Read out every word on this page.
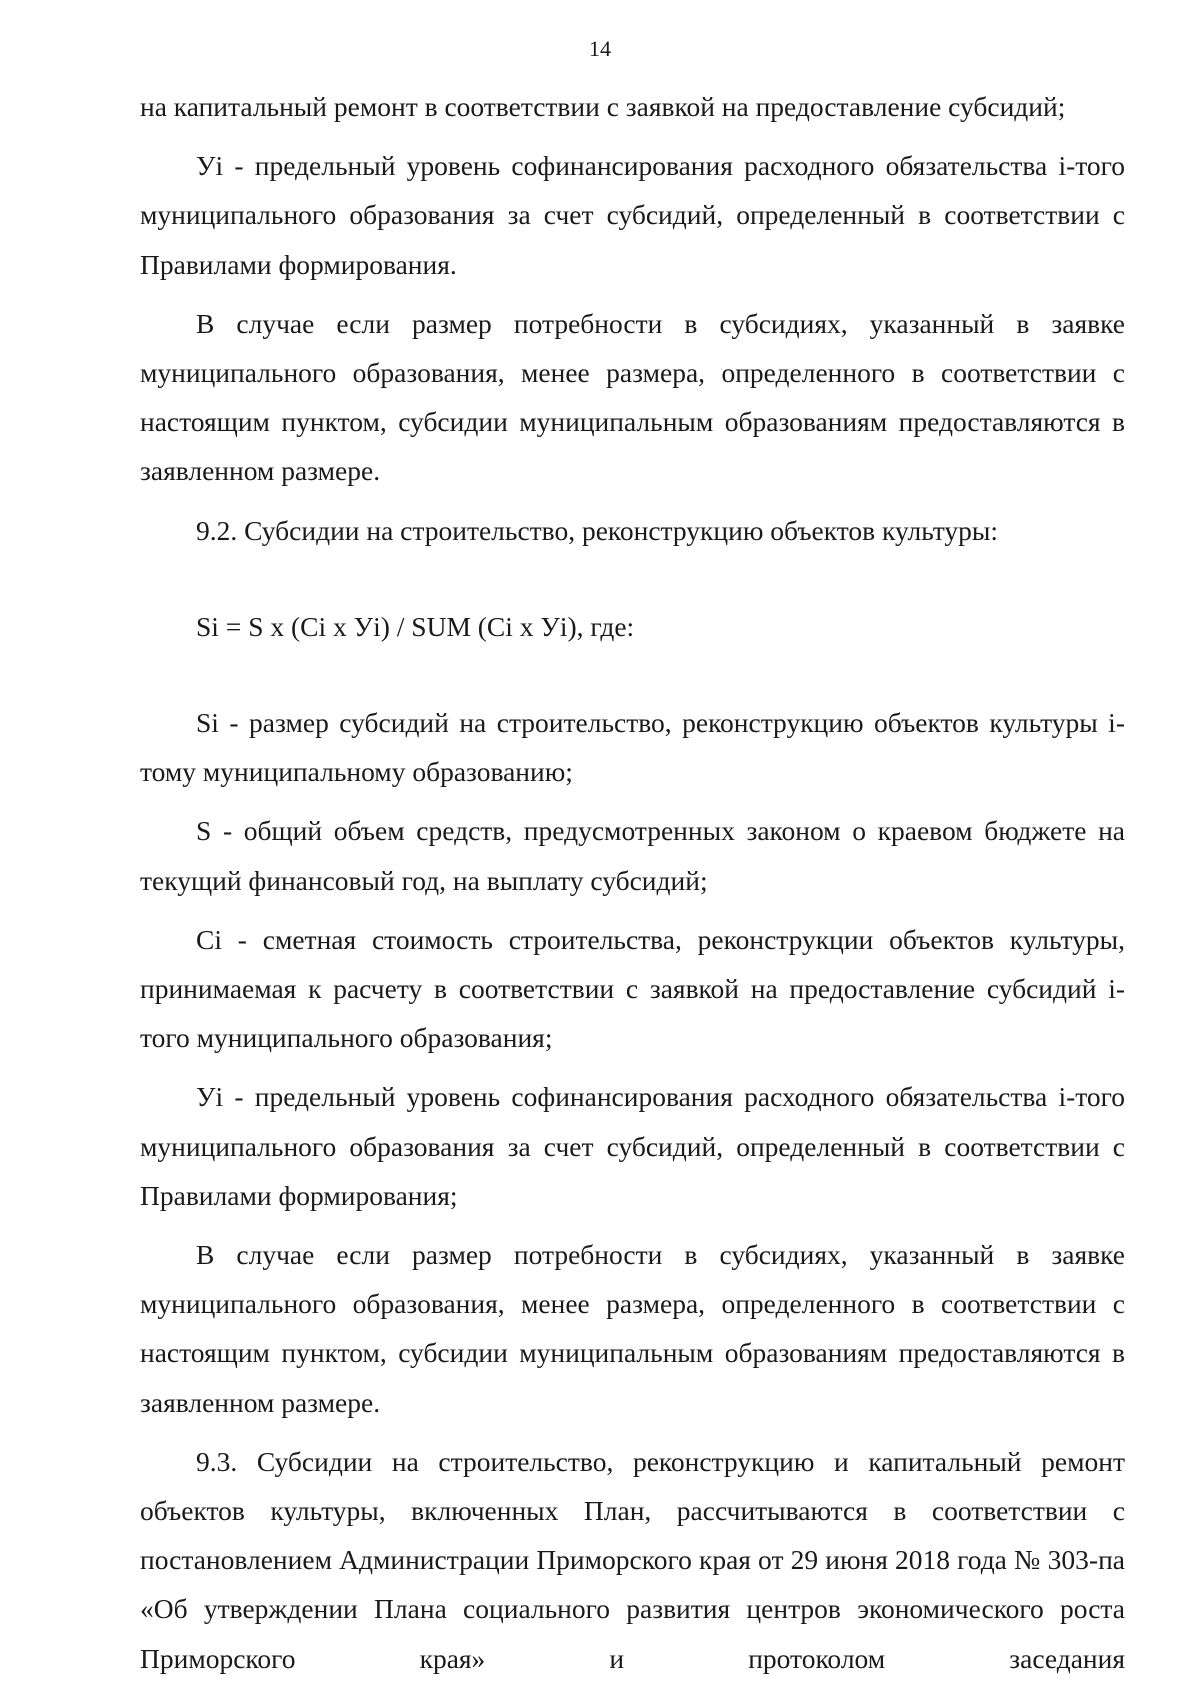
14

на капитальный ремонт в соответствии с заявкой на предоставление субсидий;

Уi - предельный уровень софинансирования расходного обязательства i-того муниципального образования за счет субсидий, определенный в соответствии с Правилами формирования.

В случае если размер потребности в субсидиях, указанный в заявке муниципального образования, менее размера, определенного в соответствии с настоящим пунктом, субсидии муниципальным образованиям предоставляются в заявленном размере.

9.2. Субсидии на строительство, реконструкцию объектов культуры:

Si = S x (Ci x Уi) / SUM (Ci x Уi), где:

Si - размер субсидий на строительство, реконструкцию объектов культуры i-тому муниципальному образованию;

S - общий объем средств, предусмотренных законом о краевом бюджете на текущий финансовый год, на выплату субсидий;

Ci - сметная стоимость строительства, реконструкции объектов культуры, принимаемая к расчету в соответствии с заявкой на предоставление субсидий i-того муниципального образования;

Уi - предельный уровень софинансирования расходного обязательства i-того муниципального образования за счет субсидий, определенный в соответствии с Правилами формирования;

В случае если размер потребности в субсидиях, указанный в заявке муниципального образования, менее размера, определенного в соответствии с настоящим пунктом, субсидии муниципальным образованиям предоставляются в заявленном размере.

9.3. Субсидии на строительство, реконструкцию и капитальный ремонт объектов культуры, включенных План, рассчитываются в соответствии с постановлением Администрации Приморского края от 29 июня 2018 года № 303-па «Об утверждении Плана социального развития центров экономического роста Приморского края» и протоколом заседания
